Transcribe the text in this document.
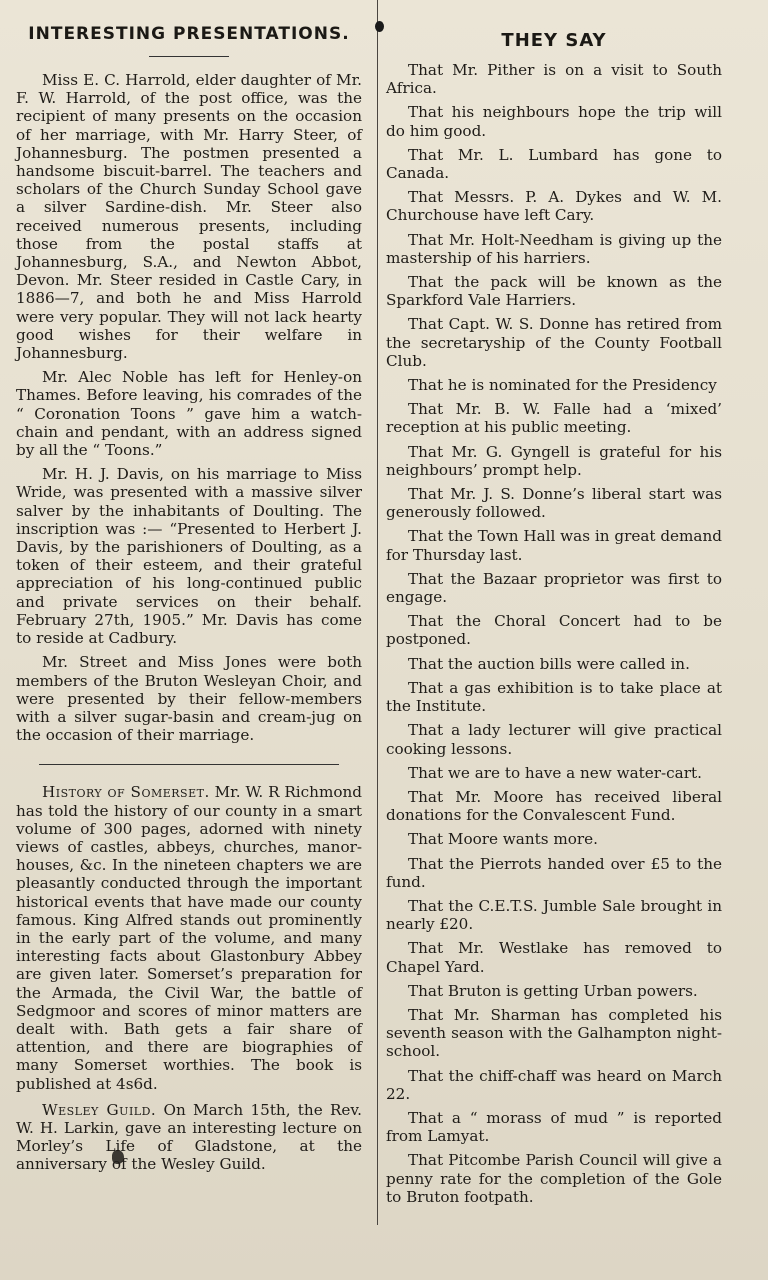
INTERESTING PRESENTATIONS.

Miss E. C. Harrold, elder daughter of Mr. F. W. Harrold, of the post office, was the recipient of many presents on the occasion of her marriage, with Mr. Harry Steer, of Johannesburg. The postmen presented a handsome biscuit-barrel. The teachers and scholars of the Church Sunday School gave a silver Sardine-dish. Mr. Steer also received numerous presents, including those from the postal staffs at Johannesburg, S.A., and Newton Abbot, Devon. Mr. Steer resided in Castle Cary, in 1886—7, and both he and Miss Harrold were very popular. They will not lack hearty good wishes for their welfare in Johannesburg.

Mr. Alec Noble has left for Henley-on Thames. Before leaving, his comrades of the “ Coronation Toons ” gave him a watch-chain and pendant, with an address signed by all the “ Toons.”

Mr. H. J. Davis, on his marriage to Miss Wride, was presented with a massive silver salver by the inhabitants of Doulting. The inscription was :— “Presented to Herbert J. Davis, by the parishioners of Doulting, as a token of their esteem, and their grateful appreciation of his long-continued public and private services on their behalf. February 27th, 1905.” Mr. Davis has come to reside at Cadbury.

Mr. Street and Miss Jones were both members of the Bruton Wesleyan Choir, and were presented by their fellow-members with a silver sugar-basin and cream-jug on the occasion of their marriage.

History of Somerset. Mr. W. R Richmond has told the history of our county in a smart volume of 300 pages, adorned with ninety views of castles, abbeys, churches, manor-houses, &c. In the nineteen chapters we are pleasantly conducted through the important historical events that have made our county famous. King Alfred stands out prominently in the early part of the volume, and many interesting facts about Glastonbury Abbey are given later. Somerset’s preparation for the Armada, the Civil War, the battle of Sedgmoor and scores of minor matters are dealt with. Bath gets a fair share of attention, and there are biographies of many Somerset worthies. The book is published at 4s6d.

Wesley Guild. On March 15th, the Rev. W. H. Larkin, gave an interesting lecture on Morley’s Life of Gladstone, at the anniversary of the Wesley Guild.

THEY SAY

That Mr. Pither is on a visit to South Africa.

That his neighbours hope the trip will do him good.

That Mr. L. Lumbard has gone to Canada.

That Messrs. P. A. Dykes and W. M. Churchouse have left Cary.

That Mr. Holt-Needham is giving up the mastership of his harriers.

That the pack will be known as the Sparkford Vale Harriers.

That Capt. W. S. Donne has retired from the secretaryship of the County Football Club.

That he is nominated for the Presidency

That Mr. B. W. Falle had a ‘mixed’ reception at his public meeting.

That Mr. G. Gyngell is grateful for his neighbours’ prompt help.

That Mr. J. S. Donne’s liberal start was generously followed.

That the Town Hall was in great demand for Thursday last.

That the Bazaar proprietor was first to engage.

That the Choral Concert had to be postponed.

That the auction bills were called in.

That a gas exhibition is to take place at the Institute.

That a lady lecturer will give practical cooking lessons.

That we are to have a new water-cart.

That Mr. Moore has received liberal donations for the Convalescent Fund.

That Moore wants more.

That the Pierrots handed over £5 to the fund.

That the C.E.T.S. Jumble Sale brought in nearly £20.

That Mr. Westlake has removed to Chapel Yard.

That Bruton is getting Urban powers.

That Mr. Sharman has completed his seventh season with the Galhampton night-school.

That the chiff-chaff was heard on March 22.

That a “ morass of mud ” is reported from Lamyat.

That Pitcombe Parish Council will give a penny rate for the completion of the Gole to Bruton footpath.
